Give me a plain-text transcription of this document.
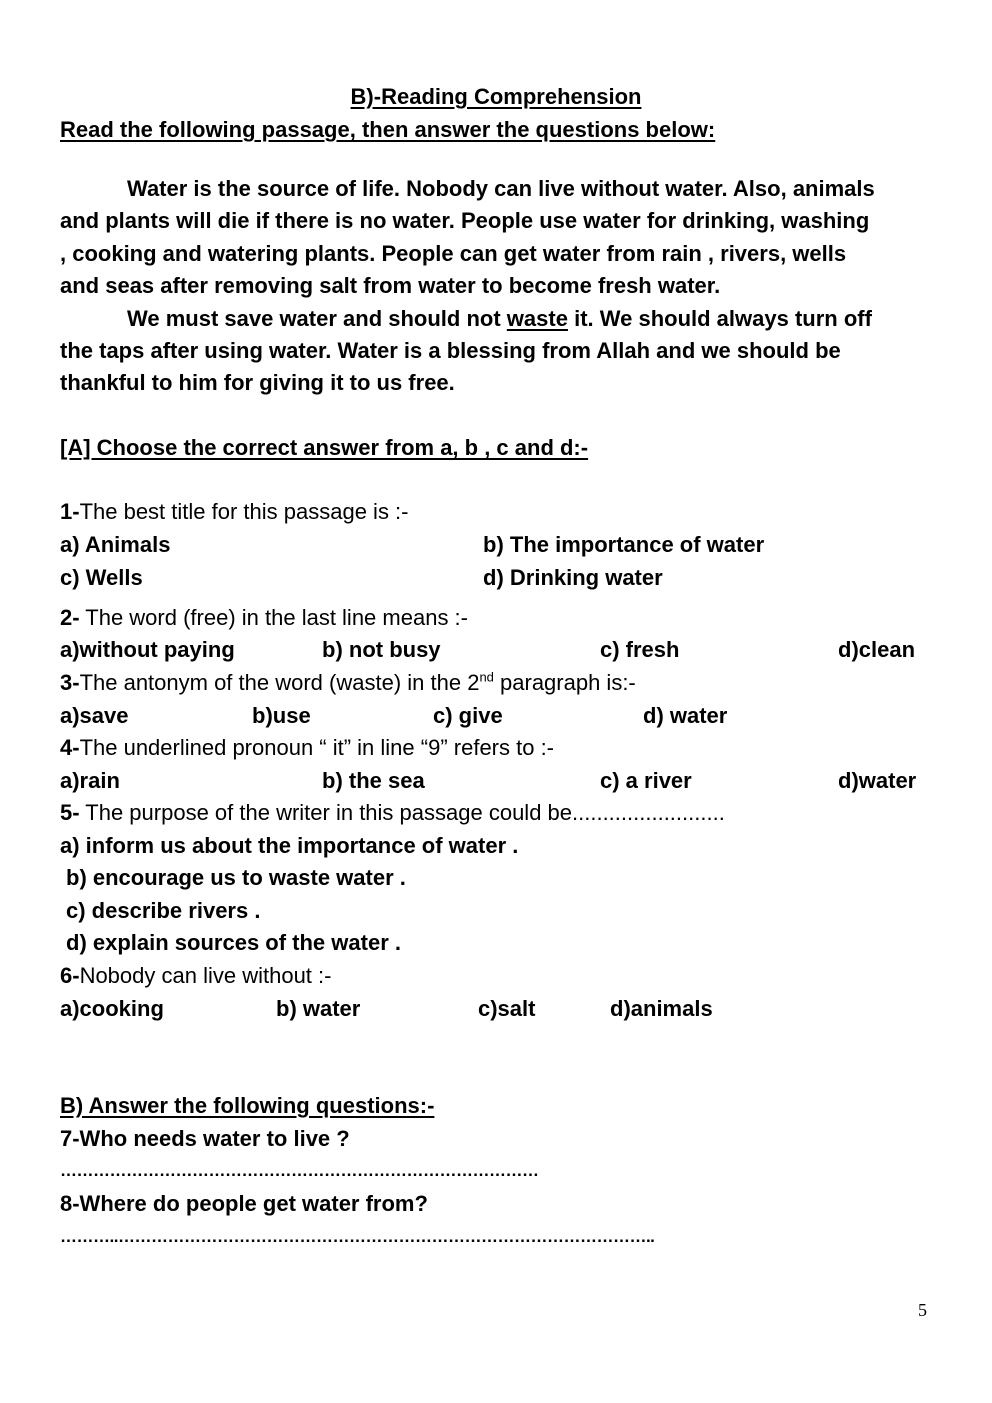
B)-Reading Comprehension
Read the following passage, then answer the questions below:
Water is the source of life. Nobody can live without water. Also, animals
and plants will die if there is no water. People use water for drinking, washing
, cooking and watering plants. People can get water from rain , rivers, wells
and seas after removing salt from water to become fresh water.
We must save water and should not waste it. We should always turn off
the taps after using water. Water is a blessing from Allah and we should be
thankful to him for giving it to us free.
[A] Choose the correct answer from a, b , c and d:-
1-The best title for this passage is :-
a) Animals	b) The importance of water
c) Wells	d) Drinking water
2- The word (free) in the last line means :-
a)without paying	b) not busy	c) fresh	d)clean
3-The antonym of the word (waste) in the 2nd paragraph is:-
a)save	b)use	c) give	d) water
4-The underlined pronoun “ it” in line “9” refers to :-
a)rain	b) the sea	c) a river	d)water
5- The purpose of the writer in this passage could be.........................
a) inform us about the importance of water .
b) encourage us to waste water .
c) describe rivers .
d) explain sources of the water .
6-Nobody can live without :-
a)cooking	b) water	c)salt	d)animals
B) Answer the following questions:-
7-Who needs water to live ?
……………………………………………………………………………
8-Where do people get water from?
………..……………………………………………………………………………………..
5
